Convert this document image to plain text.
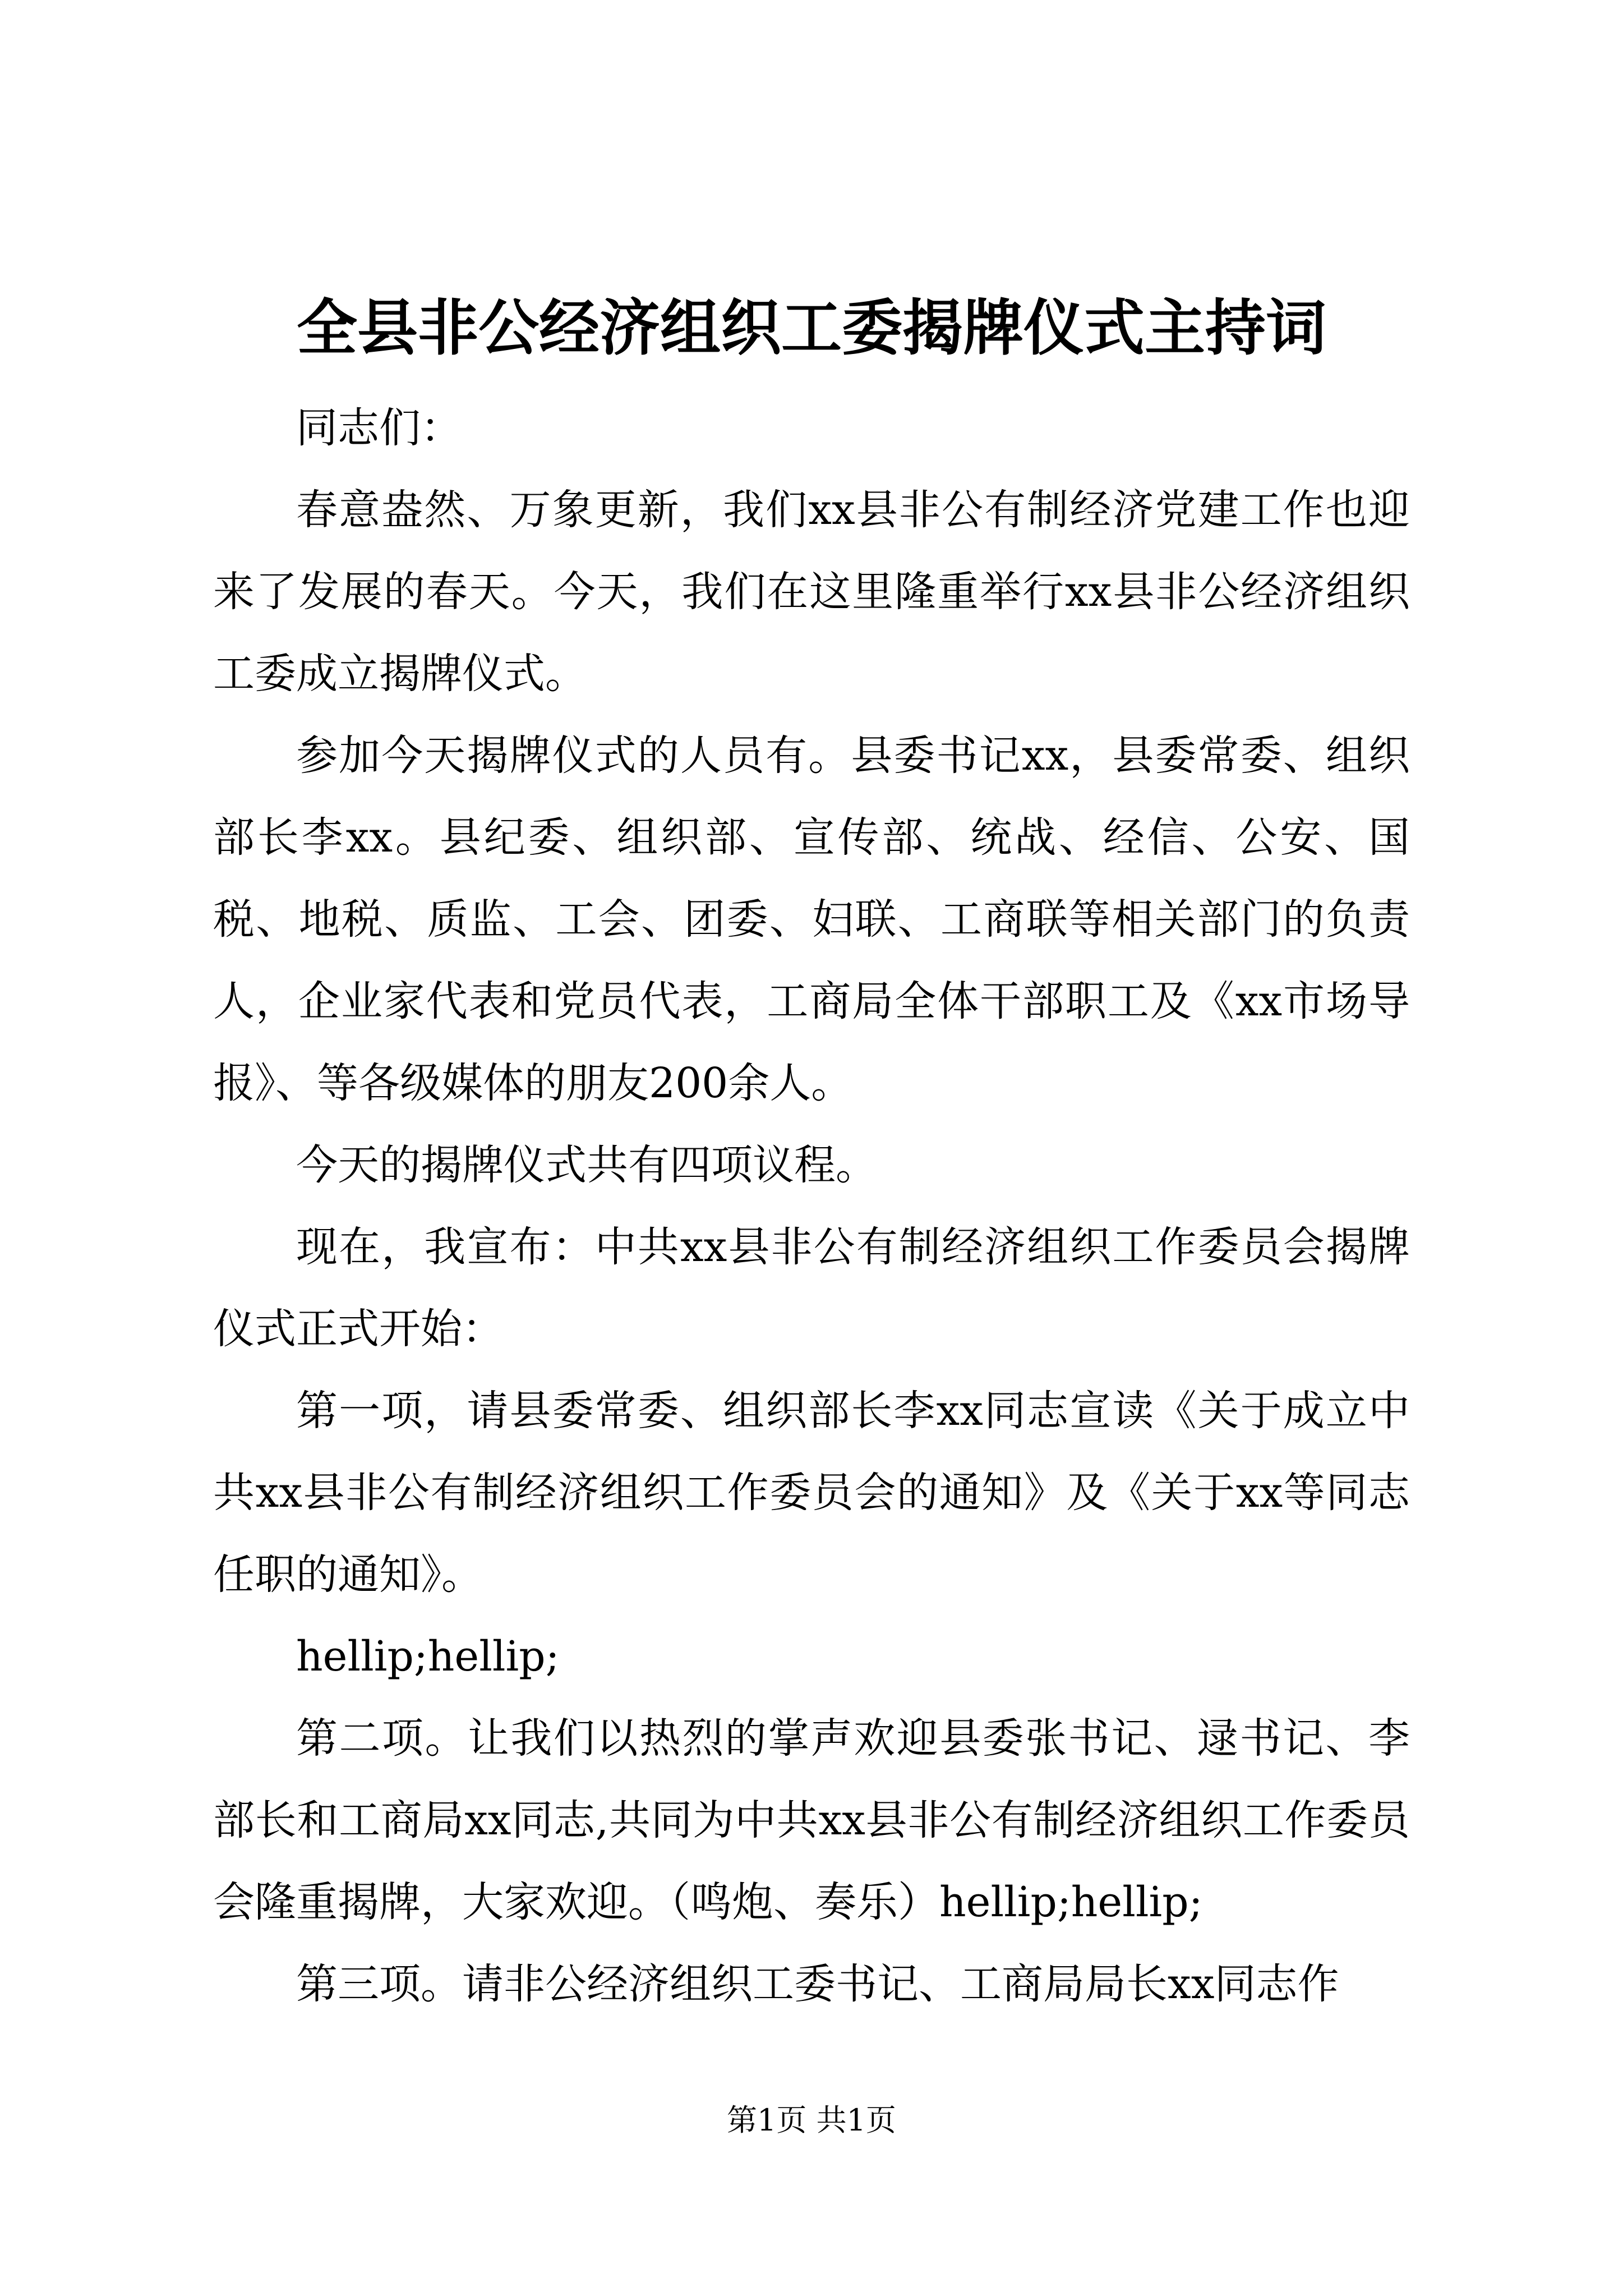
全县非公经济组织工委揭牌仪式主持词

同志们：

春意盎然、万象更新，我们xx县非公有制经济党建工作也迎来了发展的春天。今天，我们在这里隆重举行xx县非公经济组织工委成立揭牌仪式。

参加今天揭牌仪式的人员有。县委书记xx，县委常委、组织部长李xx。县纪委、组织部、宣传部、统战、经信、公安、国税、地税、质监、工会、团委、妇联、工商联等相关部门的负责人，企业家代表和党员代表，工商局全体干部职工及《xx市场导报》、等各级媒体的朋友200余人。

今天的揭牌仪式共有四项议程。

现在，我宣布：中共xx县非公有制经济组织工作委员会揭牌仪式正式开始：

第一项，请县委常委、组织部长李xx同志宣读《关于成立中共xx县非公有制经济组织工作委员会的通知》及《关于xx等同志任职的通知》。

hellip;hellip;

第二项。让我们以热烈的掌声欢迎县委张书记、逯书记、李部长和工商局xx同志,共同为中共xx县非公有制经济组织工作委员会隆重揭牌，大家欢迎。（鸣炮、奏乐）hellip;hellip;

第三项。请非公经济组织工委书记、工商局局长xx同志作

第1页 共1页
